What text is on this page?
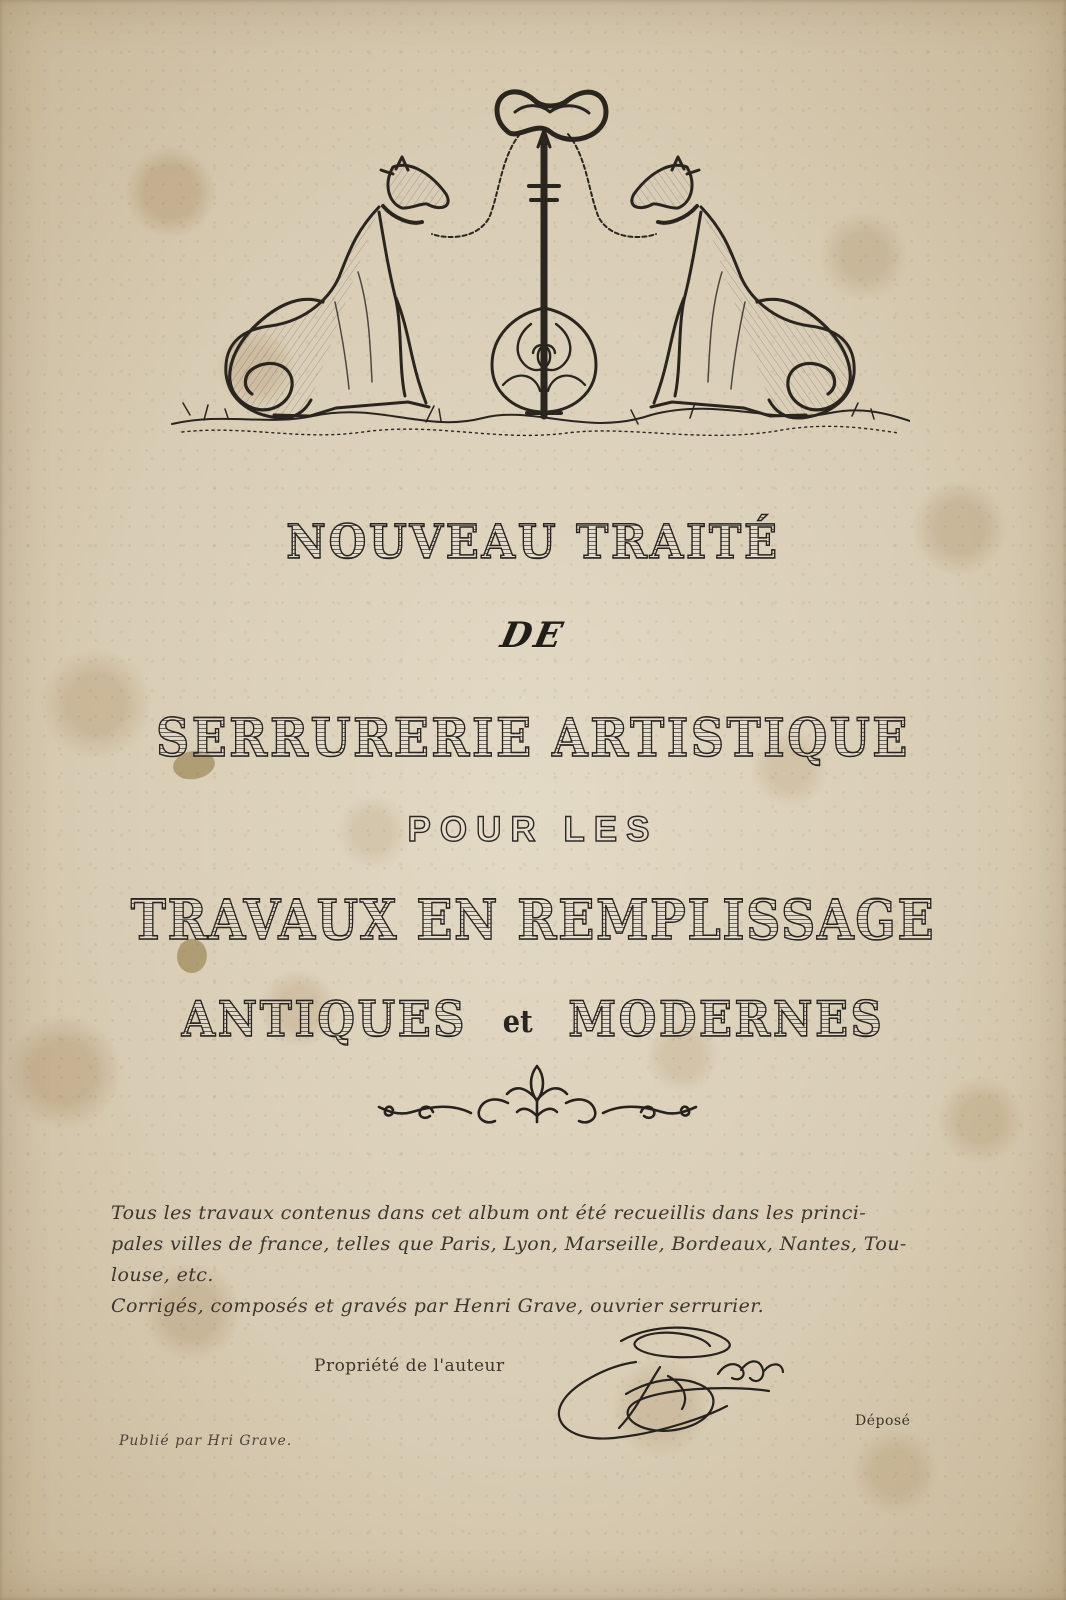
NOUVEAU TRAITÉ
DE
SERRURERIE ARTISTIQUE
POUR LES
TRAVAUX EN REMPLISSAGE
ANTIQUES et MODERNES
Tous les travaux contenus dans cet album ont été recueillis dans les princi-
pales villes de france, telles que Paris, Lyon, Marseille, Bordeaux, Nantes, Tou-
louse, etc.
Corrigés, composés et gravés par Henri Grave, ouvrier serrurier.
Propriété de l'auteur
Déposé
Publié par Hri Grave.
